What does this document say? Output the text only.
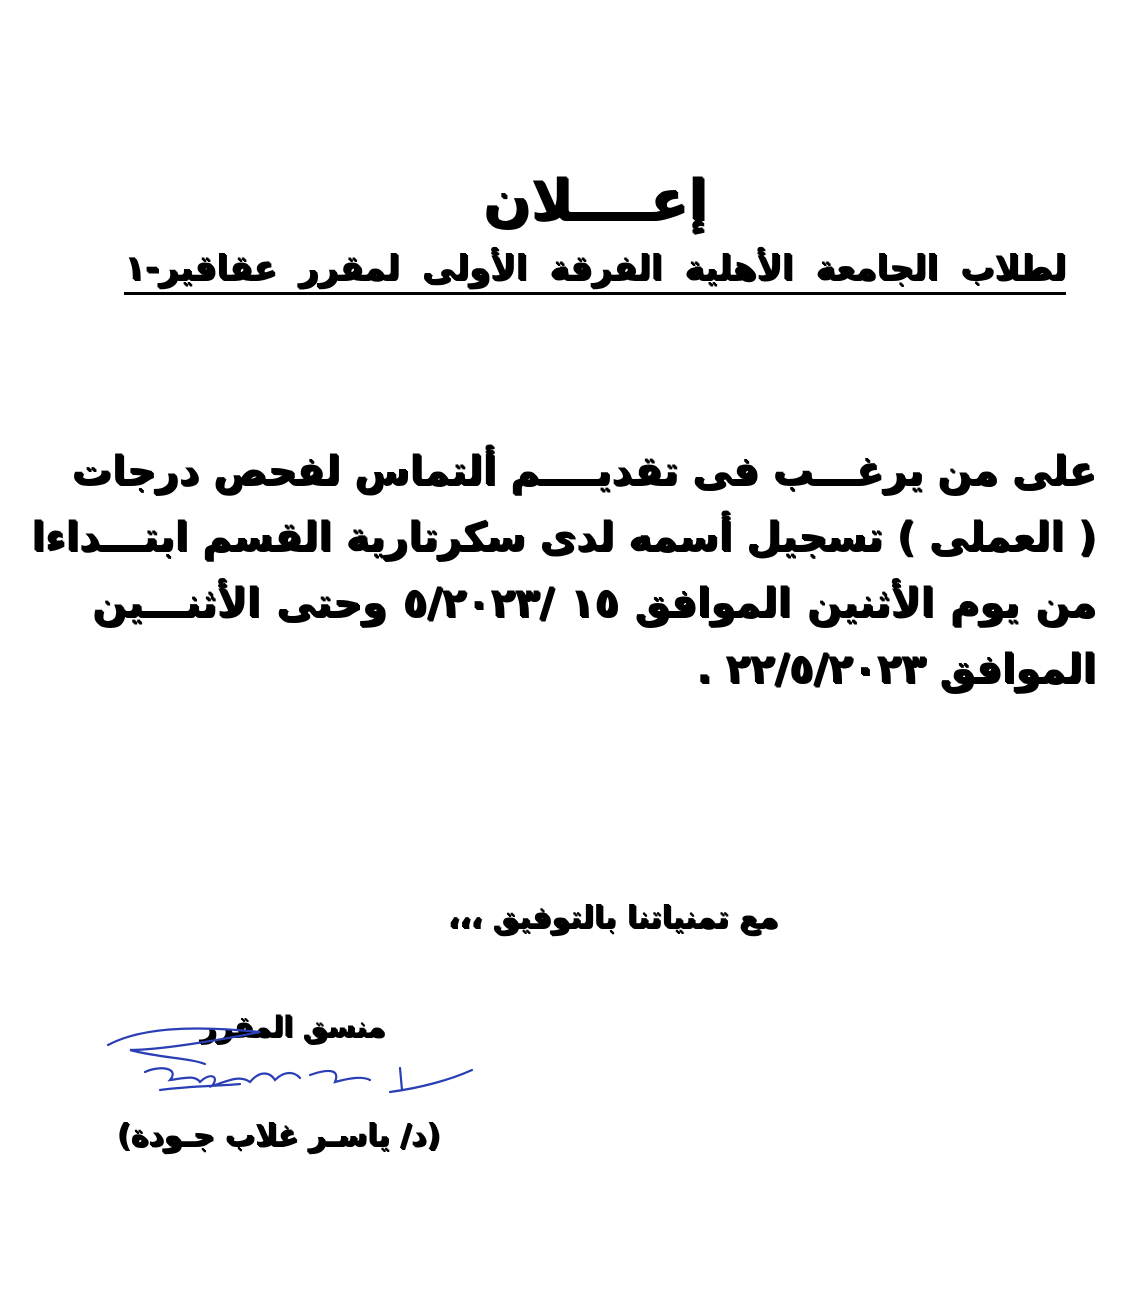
إعــــلان
لطلاب الجامعة الأهلية الفرقة الأولى لمقرر عقاقير-١
على من يرغـــب فى تقديــــم ألتماس لفحص درجات
( العملى ) تسجيل أسمه لدى سكرتارية القسم ابتـــداءا
من يوم الأثنين الموافق ١٥ /٥/٢٠٢٣ وحتى الأثنـــين
الموافق ٢٢/٥/٢٠٢٣ .
مع تمنياتنا بالتوفيق ،،،
منسق المقرر
(د/ ياسـر غلاب جـودة)
